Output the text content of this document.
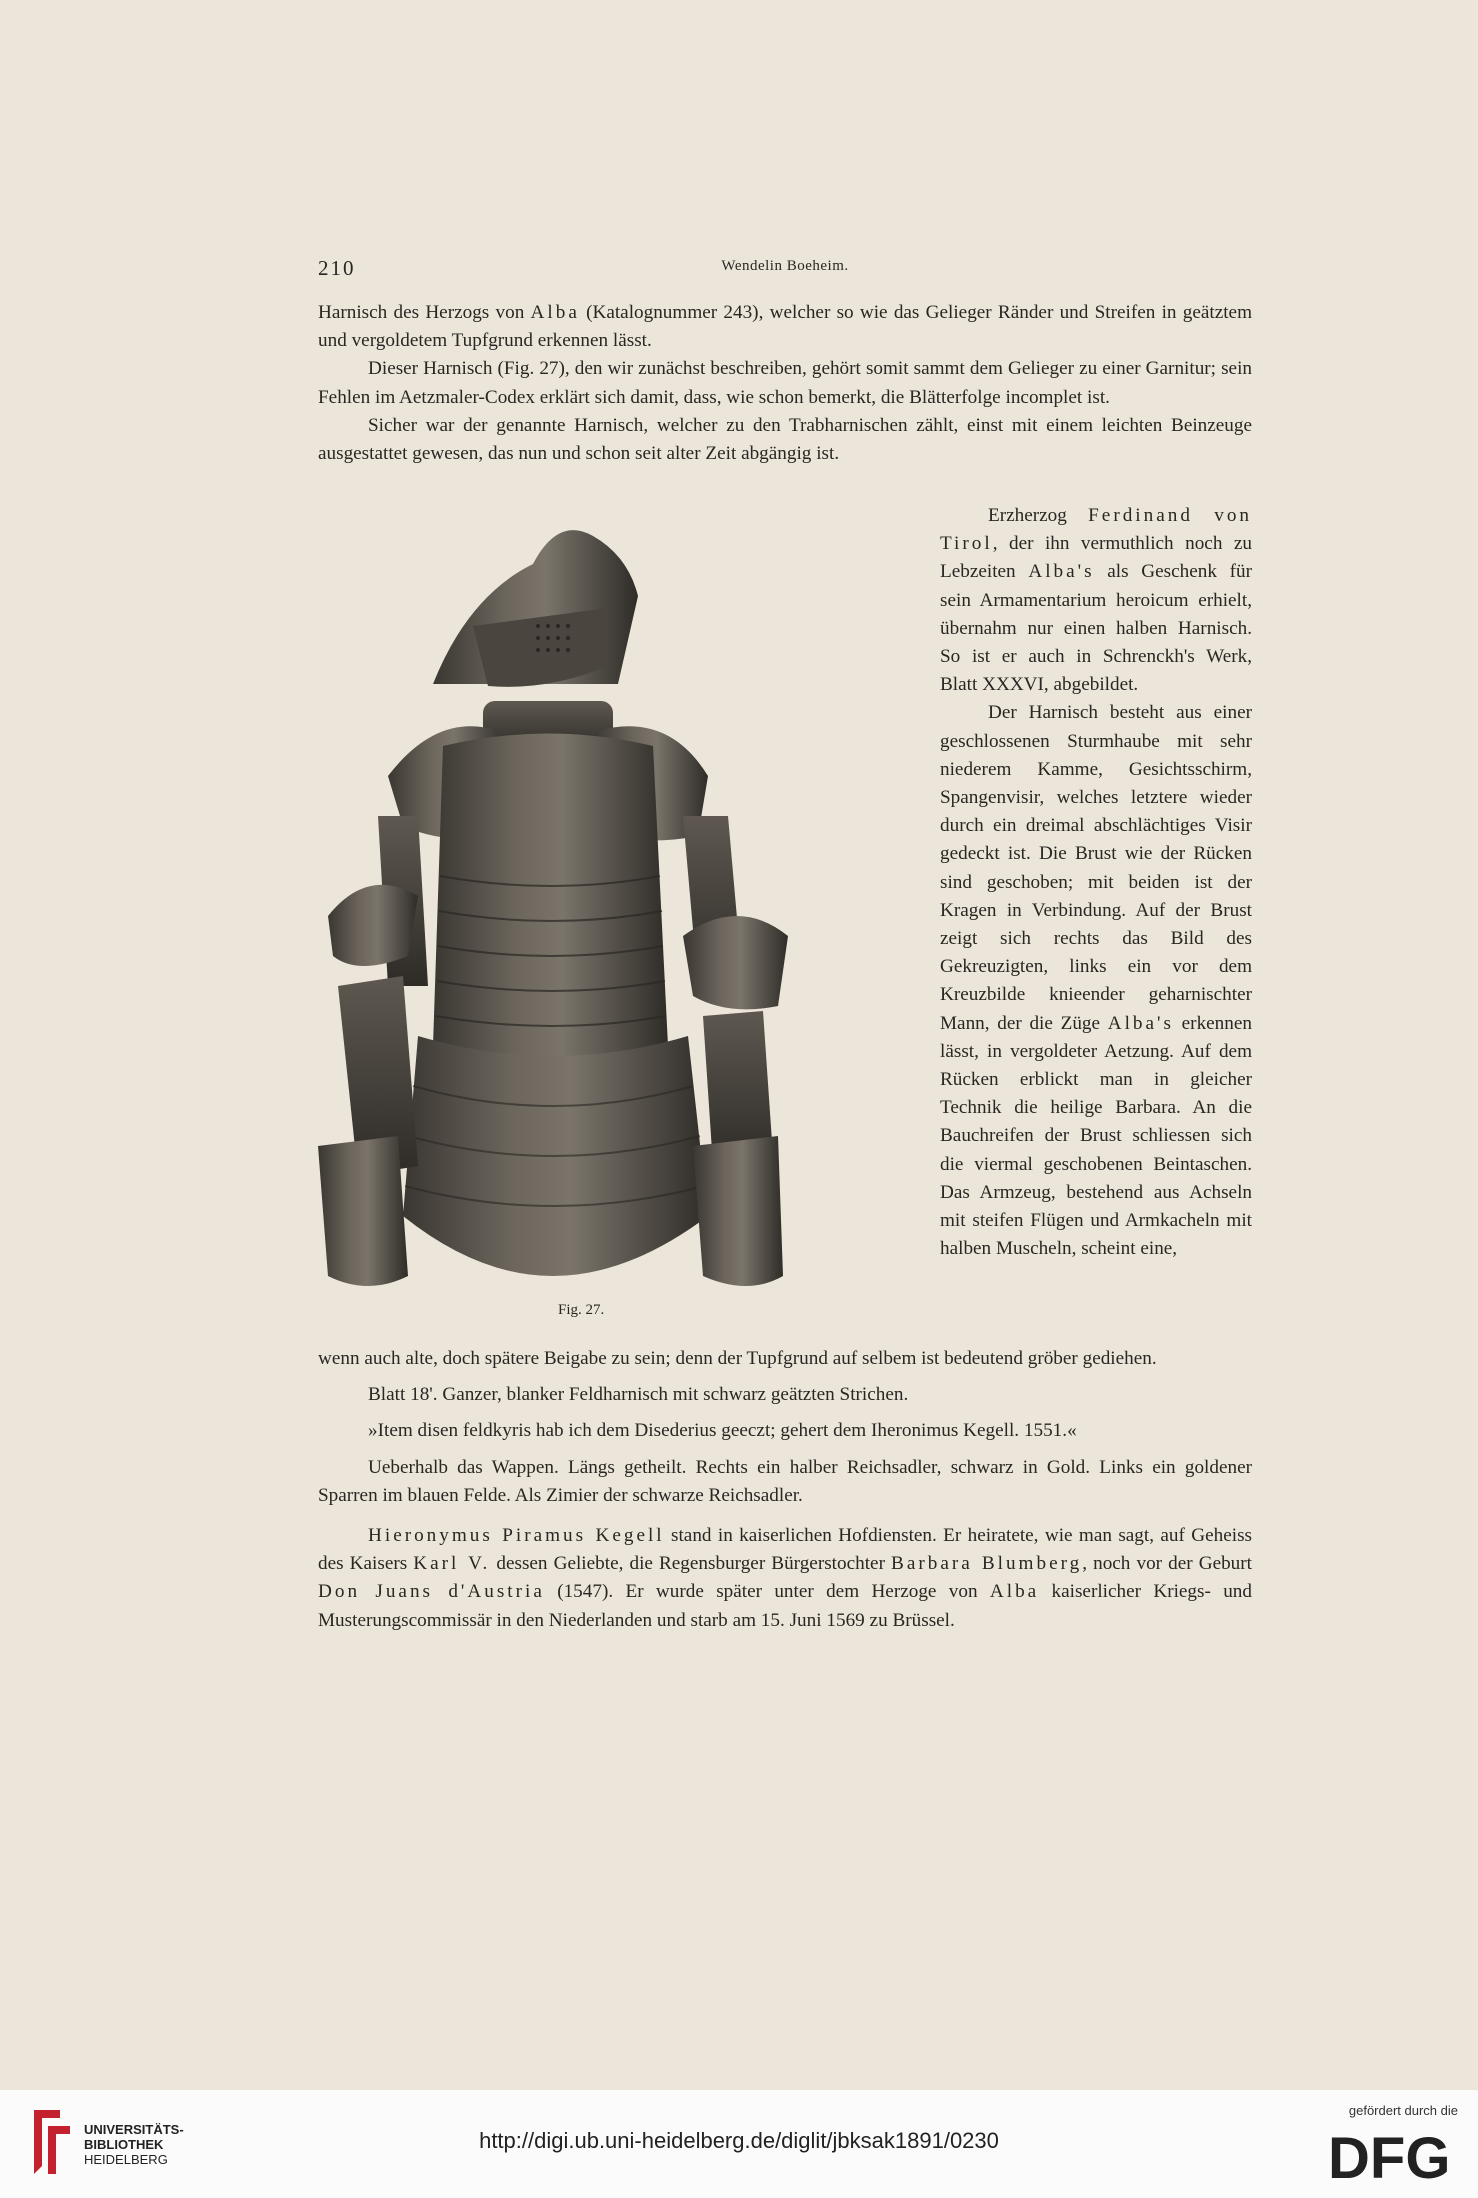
210	Wendelin Boeheim.

Harnisch des Herzogs von Alba (Katalognummer 243), welcher so wie das Gelieger Ränder und Streifen in geätztem und vergoldetem Tupfgrund erkennen lässt.

Dieser Harnisch (Fig. 27), den wir zunächst beschreiben, gehört somit sammt dem Gelieger zu einer Garnitur; sein Fehlen im Aetzmaler-Codex erklärt sich damit, dass, wie schon bemerkt, die Blätterfolge incomplet ist.

Sicher war der genannte Harnisch, welcher zu den Trabharnischen zählt, einst mit einem leichten Beinzeuge ausgestattet gewesen, das nun und schon seit alter Zeit abgängig ist.

Fig. 27.

Erzherzog Ferdinand von Tirol, der ihn vermuthlich noch zu Lebzeiten Alba's als Geschenk für sein Armamentarium heroicum erhielt, übernahm nur einen halben Harnisch. So ist er auch in Schrenckh's Werk, Blatt XXXVI, abgebildet.

Der Harnisch besteht aus einer geschlossenen Sturmhaube mit sehr niederem Kamme, Gesichtsschirm, Spangenvisir, welches letztere wieder durch ein dreimal abschlächtiges Visir gedeckt ist. Die Brust wie der Rücken sind geschoben; mit beiden ist der Kragen in Verbindung. Auf der Brust zeigt sich rechts das Bild des Gekreuzigten, links ein vor dem Kreuzbilde knieender geharnischter Mann, der die Züge Alba's erkennen lässt, in vergoldeter Aetzung. Auf dem Rücken erblickt man in gleicher Technik die heilige Barbara. An die Bauchreifen der Brust schliessen sich die viermal geschobenen Beintaschen. Das Armzeug, bestehend aus Achseln mit steifen Flügen und Armkacheln mit halben Muscheln, scheint eine,

wenn auch alte, doch spätere Beigabe zu sein; denn der Tupfgrund auf selbem ist bedeutend gröber gediehen.

Blatt 18'. Ganzer, blanker Feldharnisch mit schwarz geätzten Strichen.

»Item disen feldkyris hab ich dem Disederius geeczt; gehert dem Iheronimus Kegell. 1551.«

Ueberhalb das Wappen. Längs getheilt. Rechts ein halber Reichsadler, schwarz in Gold. Links ein goldener Sparren im blauen Felde. Als Zimier der schwarze Reichsadler.

Hieronymus Piramus Kegell stand in kaiserlichen Hofdiensten. Er heiratete, wie man sagt, auf Geheiss des Kaisers Karl V. dessen Geliebte, die Regensburger Bürgerstochter Barbara Blumberg, noch vor der Geburt Don Juans d'Austria (1547). Er wurde später unter dem Herzoge von Alba kaiserlicher Kriegs- und Musterungscommissär in den Niederlanden und starb am 15. Juni 1569 zu Brüssel.

UNIVERSITÄTS-
BIBLIOTHEK
HEIDELBERG
http://digi.ub.uni-heidelberg.de/diglit/jbksak1891/0230
gefördert durch die
DFG
